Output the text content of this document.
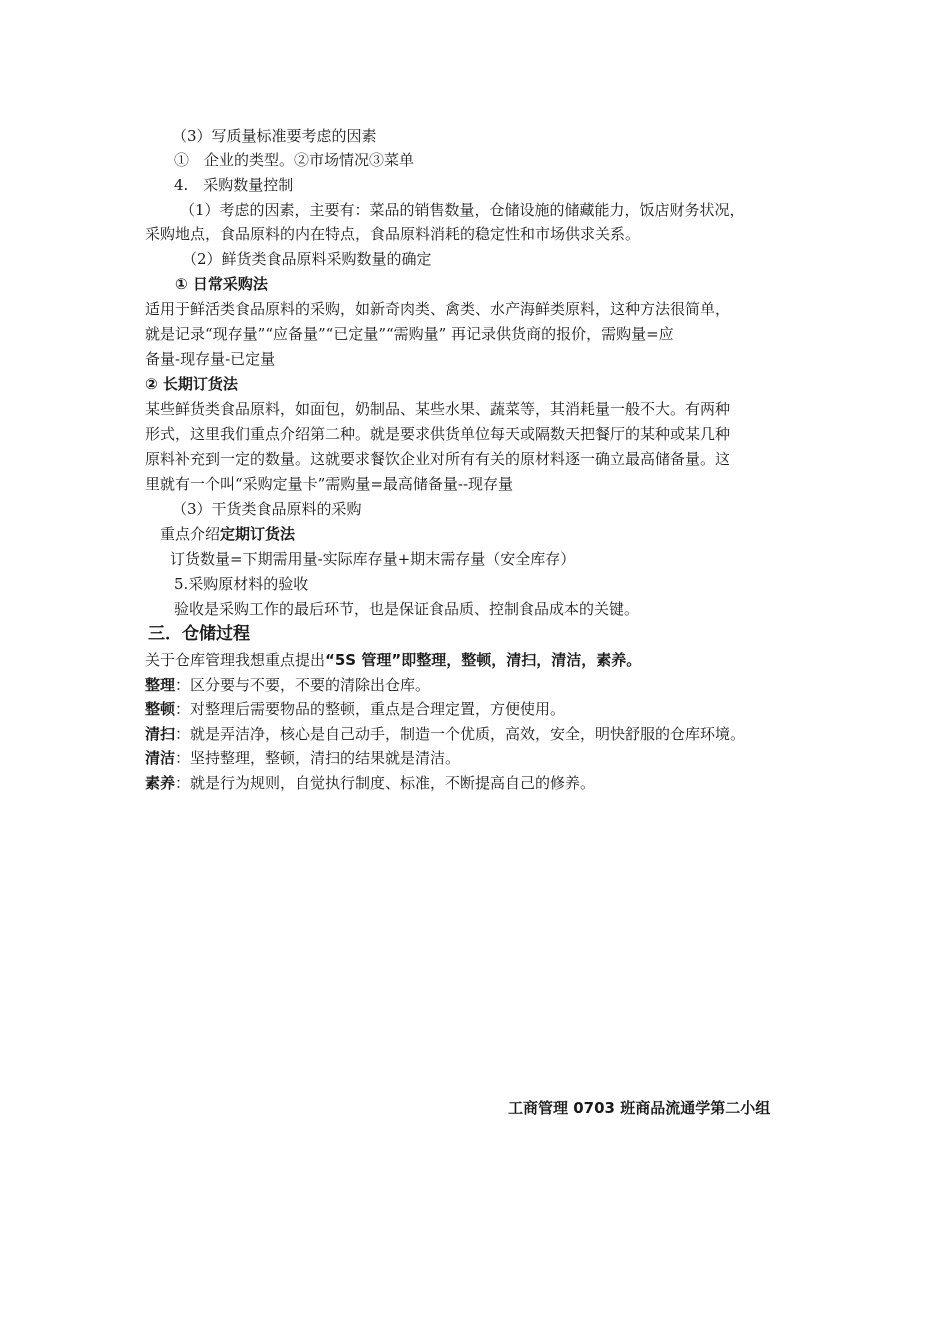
（3）写质量标准要考虑的因素
①　企业的类型。②市场情况③菜单
4.　采购数量控制
（1）考虑的因素，主要有：菜品的销售数量，仓储设施的储藏能力，饭店财务状况，
采购地点，食品原料的内在特点，食品原料消耗的稳定性和市场供求关系。
（2）鲜货类食品原料采购数量的确定
① 日常采购法
适用于鲜活类食品原料的采购，如新奇肉类、禽类、水产海鲜类原料，这种方法很简单，
就是记录“现存量”“应备量”“已定量”“需购量” 再记录供货商的报价，需购量=应
备量-现存量-已定量
② 长期订货法
某些鲜货类食品原料，如面包，奶制品、某些水果、蔬菜等，其消耗量一般不大。有两种
形式，这里我们重点介绍第二种。就是要求供货单位每天或隔数天把餐厅的某种或某几种
原料补充到一定的数量。这就要求餐饮企业对所有有关的原材料逐一确立最高储备量。这
里就有一个叫“采购定量卡”需购量=最高储备量--现存量
（3）干货类食品原料的采购
重点介绍定期订货法
订货数量=下期需用量-实际库存量+期末需存量（安全库存）
5.采购原材料的验收
验收是采购工作的最后环节，也是保证食品质、控制食品成本的关键。
三．仓储过程
关于仓库管理我想重点提出“5S 管理”即整理，整顿，清扫，清洁，素养。
整理：区分要与不要，不要的清除出仓库。
整顿：对整理后需要物品的整顿，重点是合理定置，方便使用。
清扫：就是弄洁净，核心是自己动手，制造一个优质，高效，安全，明快舒服的仓库环境。
清洁：坚持整理，整顿，清扫的结果就是清洁。
素养：就是行为规则，自觉执行制度、标准，不断提高自己的修养。
工商管理 0703 班商品流通学第二小组
